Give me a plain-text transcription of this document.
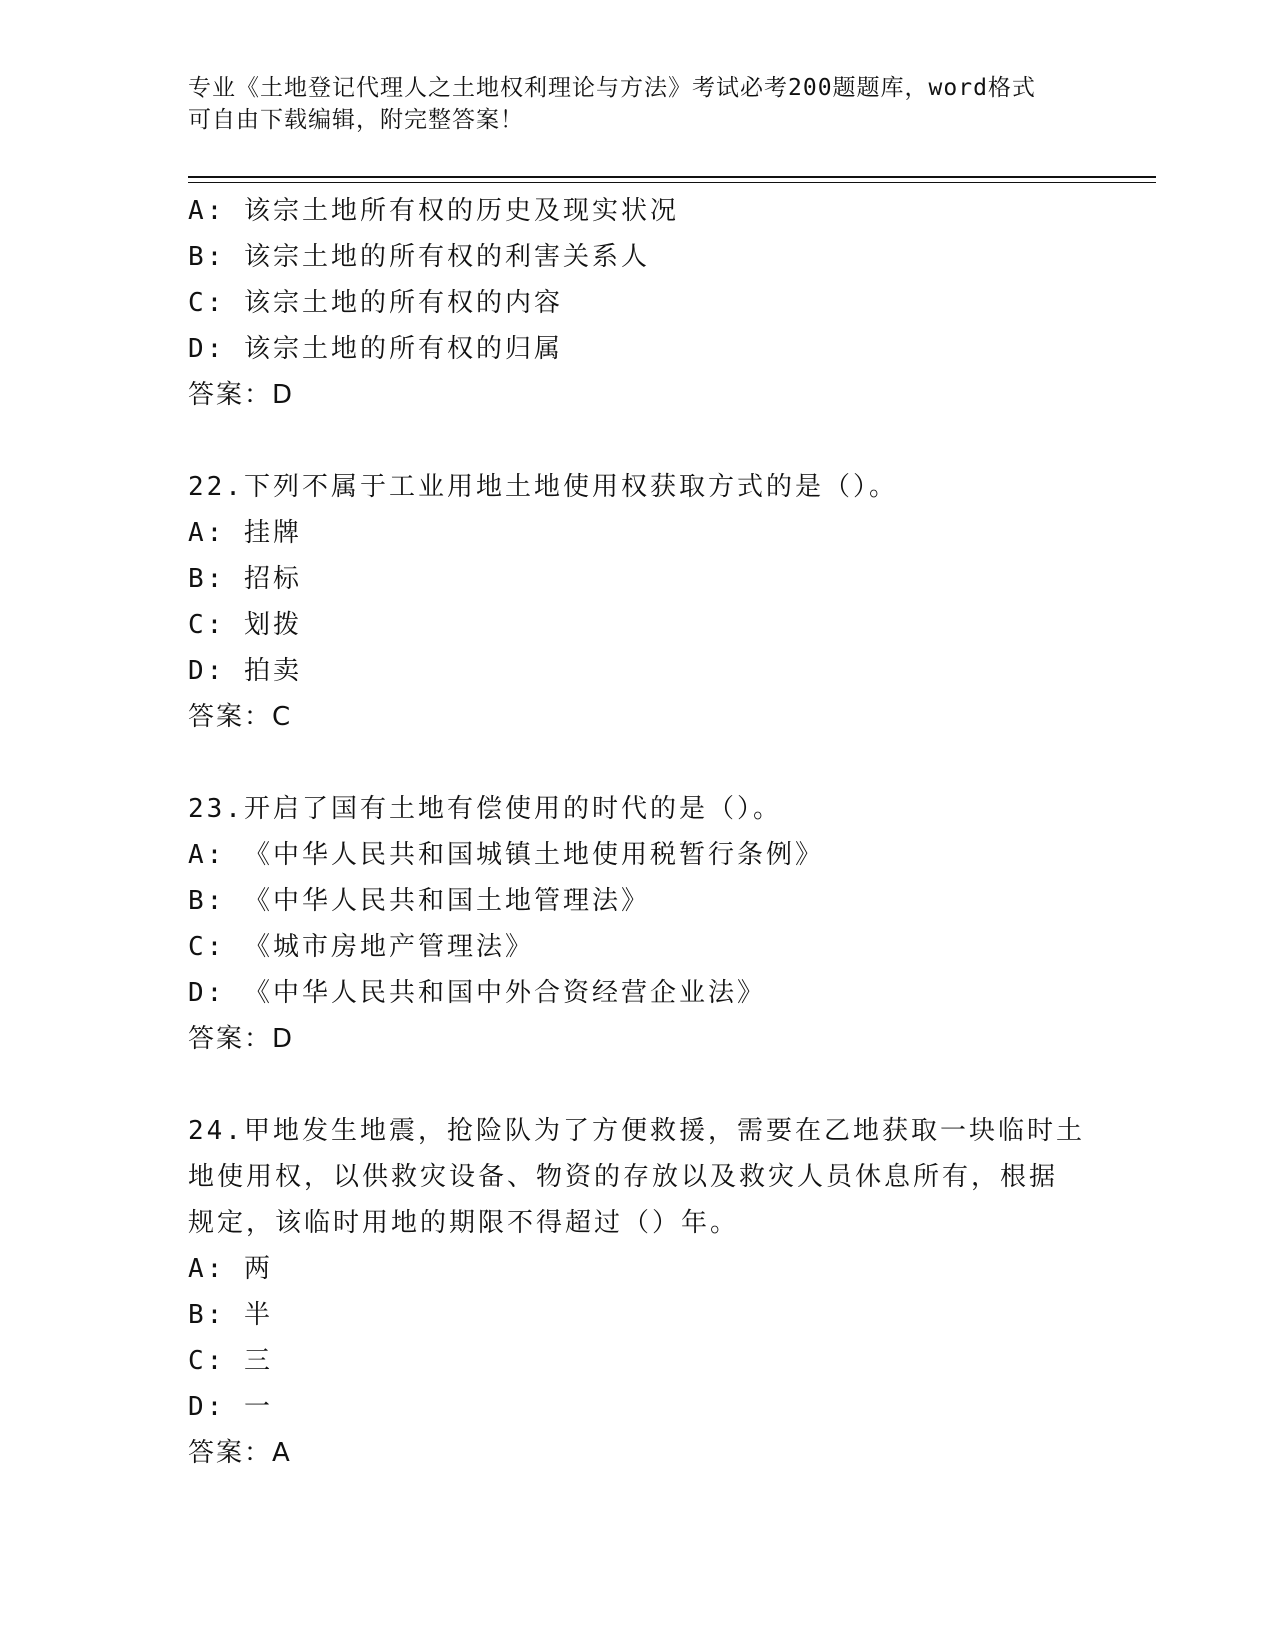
专业《土地登记代理人之土地权利理论与方法》考试必考200题题库，word格式
可自由下载编辑，附完整答案！
A: 该宗土地所有权的历史及现实状况
B: 该宗土地的所有权的利害关系人
C: 该宗土地的所有权的内容
D: 该宗土地的所有权的归属
答案：D
22.下列不属于工业用地土地使用权获取方式的是（）。
A: 挂牌
B: 招标
C: 划拨
D: 拍卖
答案：C
23.开启了国有土地有偿使用的时代的是（）。
A: 《中华人民共和国城镇土地使用税暂行条例》
B: 《中华人民共和国土地管理法》
C: 《城市房地产管理法》
D: 《中华人民共和国中外合资经营企业法》
答案：D
24.甲地发生地震，抢险队为了方便救援，需要在乙地获取一块临时土
地使用权，以供救灾设备、物资的存放以及救灾人员休息所有，根据
规定，该临时用地的期限不得超过（）年。
A: 两
B: 半
C: 三
D: 一
答案：A
